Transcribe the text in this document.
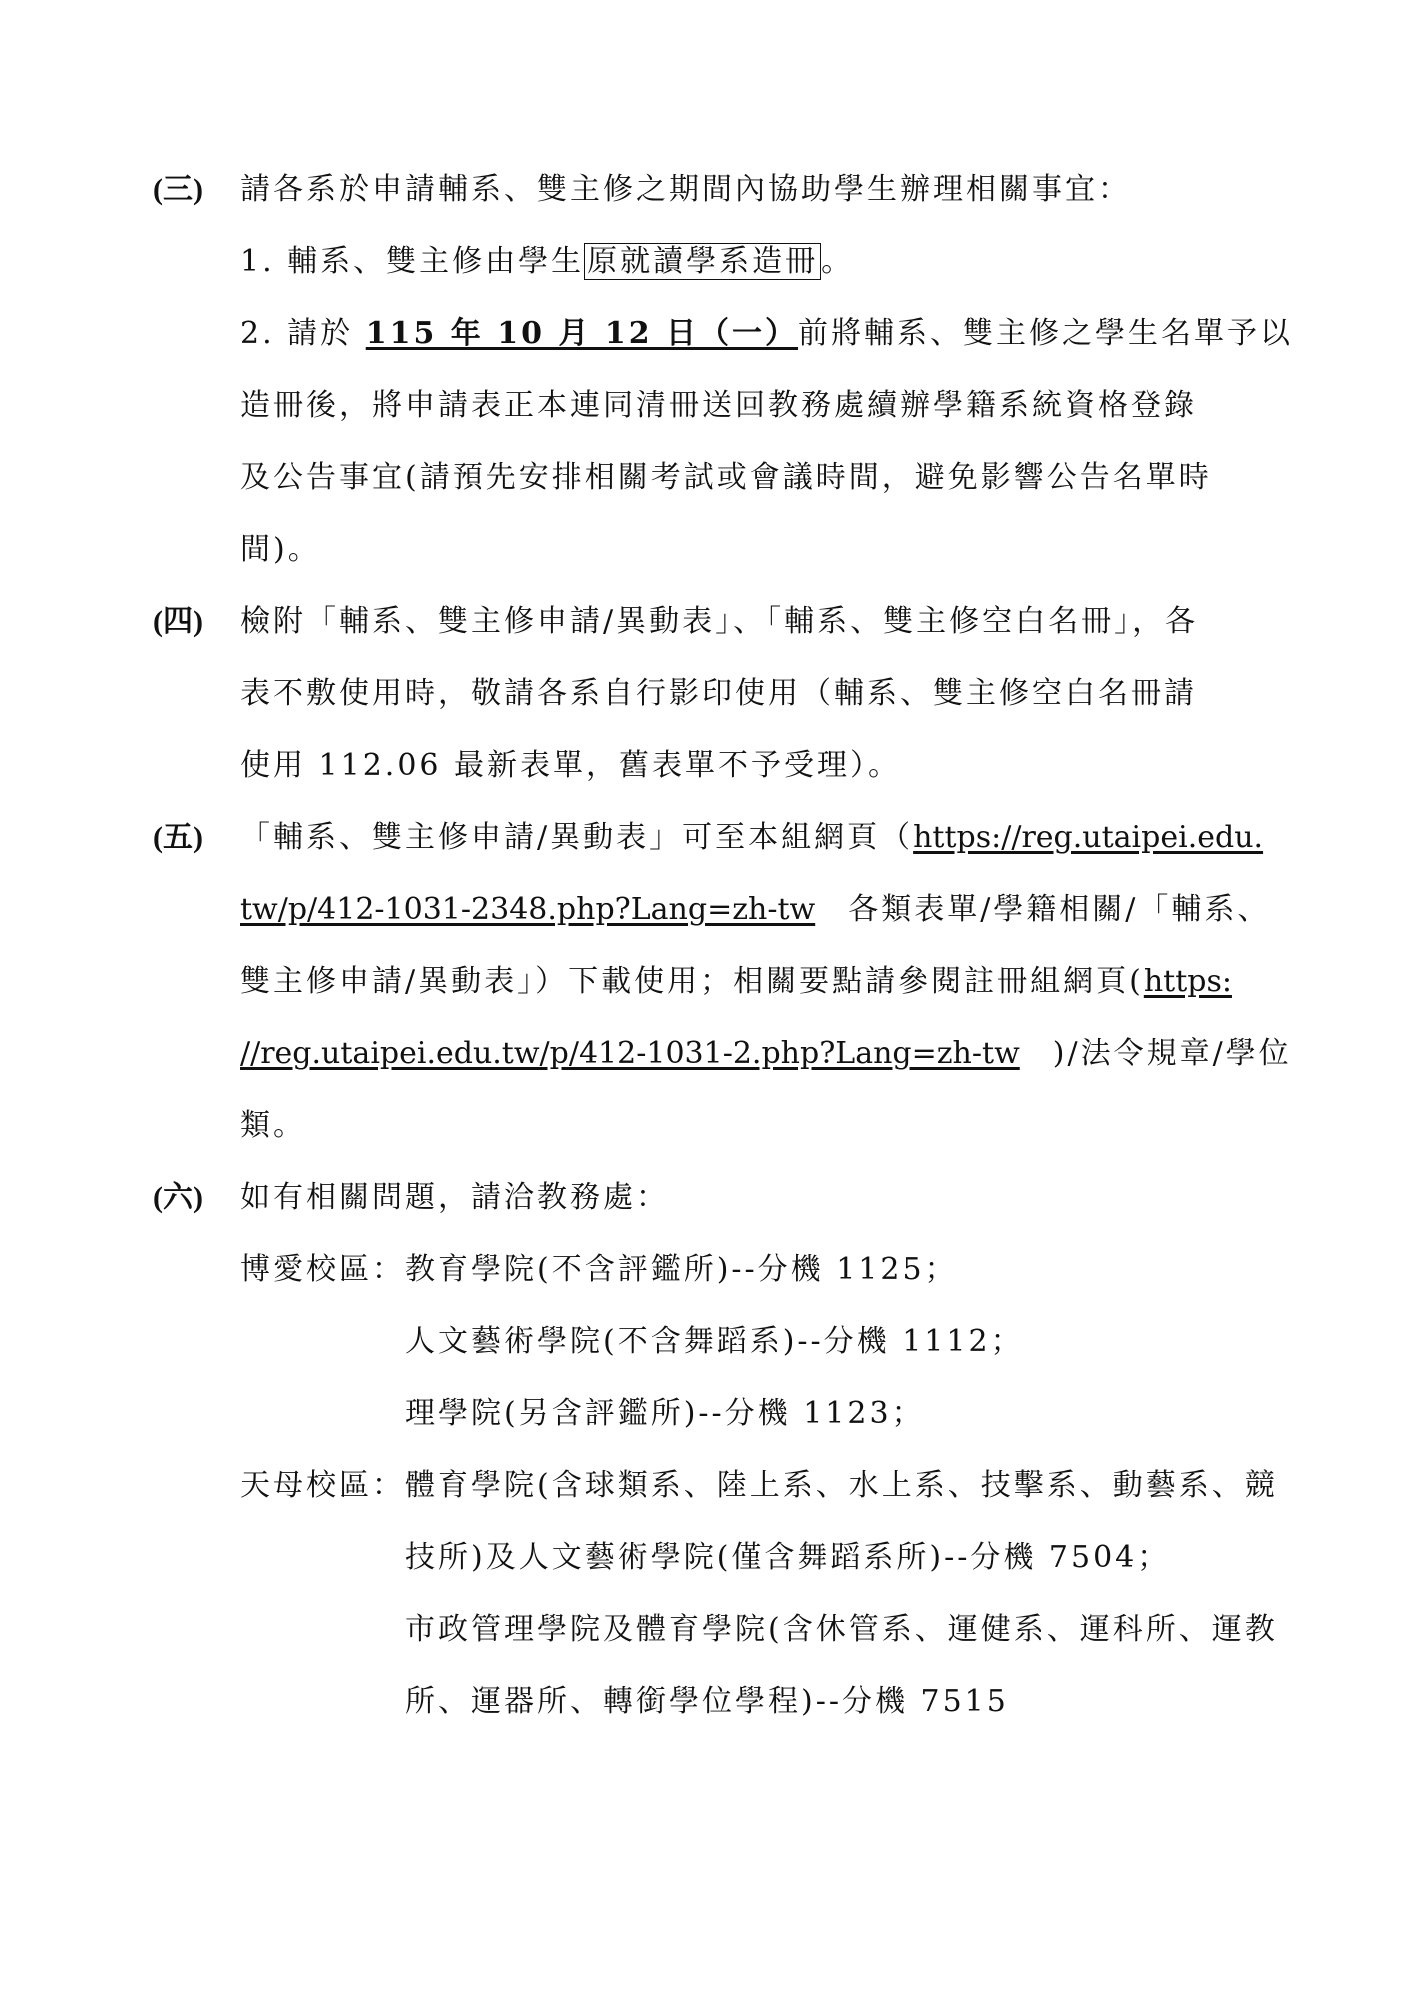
(三) 請各系於申請輔系、雙主修之期間內協助學生辦理相關事宜：
1. 輔系、雙主修由學生 原就讀學系造冊 。
2. 請於 115 年 10 月 12 日（一）前將輔系、雙主修之學生名單予以
造冊後，將申請表正本連同清冊送回教務處續辦學籍系統資格登錄
及公告事宜(請預先安排相關考試或會議時間，避免影響公告名單時
間)。
(四) 檢附「輔系、雙主修申請/異動表」、「輔系、雙主修空白名冊」，各
表不敷使用時，敬請各系自行影印使用（輔系、雙主修空白名冊請
使用 112.06 最新表單，舊表單不予受理）。
(五) 「輔系、雙主修申請/異動表」可至本組網頁（https://reg.utaipei.edu.
tw/p/412-1031-2348.php?Lang=zh-tw　各類表單/學籍相關/「輔系、
雙主修申請/異動表」）下載使用；相關要點請參閱註冊組網頁(https:
//reg.utaipei.edu.tw/p/412-1031-2.php?Lang=zh-tw　)/法令規章/學位
類。
(六) 如有相關問題，請洽教務處：
博愛校區： 教育學院(不含評鑑所)--分機 1125；
人文藝術學院(不含舞蹈系)--分機 1112；
理學院(另含評鑑所)--分機 1123；
天母校區： 體育學院(含球類系、陸上系、水上系、技擊系、動藝系、競
技所)及人文藝術學院(僅含舞蹈系所)--分機 7504；
市政管理學院及體育學院(含休管系、運健系、運科所、運教
所、運器所、轉銜學位學程)--分機 7515
